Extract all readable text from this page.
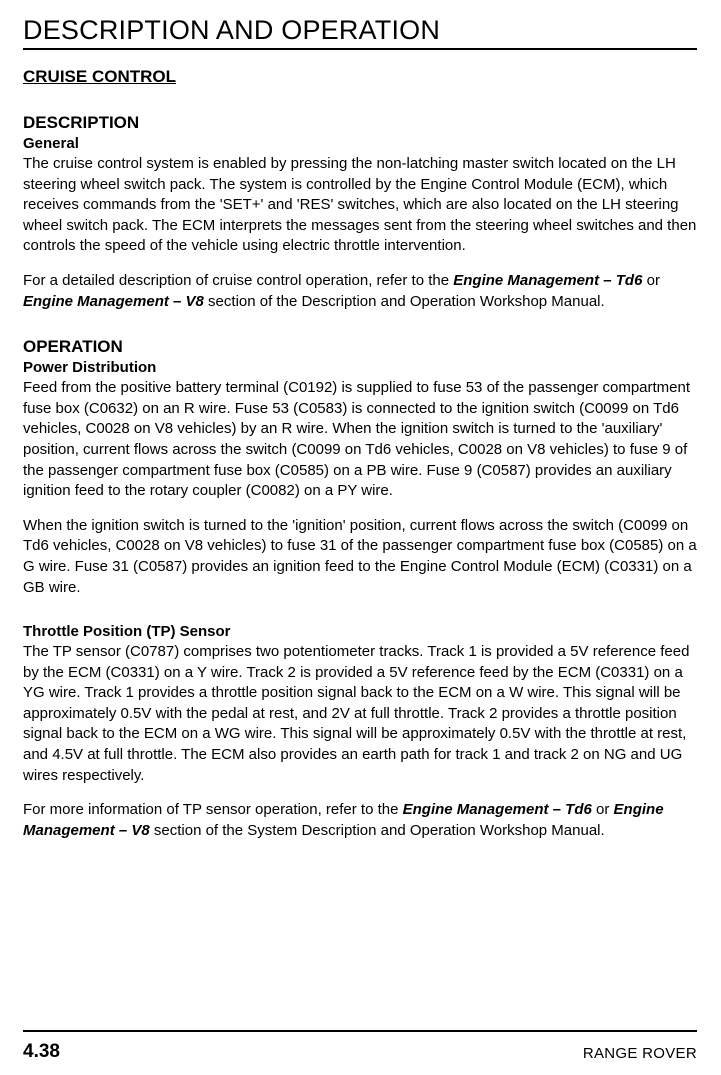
DESCRIPTION AND OPERATION
CRUISE CONTROL
DESCRIPTION
General

The cruise control system is enabled by pressing the non-latching master switch located on the LH steering wheel switch pack. The system is controlled by the Engine Control Module (ECM), which receives commands from the 'SET+' and 'RES' switches, which are also located on the LH steering wheel switch pack. The ECM interprets the messages sent from the steering wheel switches and then controls the speed of the vehicle using electric throttle intervention.

For a detailed description of cruise control operation, refer to the Engine Management – Td6 or Engine Management – V8 section of the Description and Operation Workshop Manual.

OPERATION
Power Distribution

Feed from the positive battery terminal (C0192) is supplied to fuse 53 of the passenger compartment fuse box (C0632) on an R wire. Fuse 53 (C0583) is connected to the ignition switch (C0099 on Td6 vehicles, C0028 on V8 vehicles) by an R wire. When the ignition switch is turned to the 'auxiliary' position, current flows across the switch (C0099 on Td6 vehicles, C0028 on V8 vehicles) to fuse 9 of the passenger compartment fuse box (C0585) on a PB wire. Fuse 9 (C0587) provides an auxiliary ignition feed to the rotary coupler (C0082) on a PY wire.

When the ignition switch is turned to the 'ignition' position, current flows across the switch (C0099 on Td6 vehicles, C0028 on V8 vehicles) to fuse 31 of the passenger compartment fuse box (C0585) on a G wire. Fuse 31 (C0587) provides an ignition feed to the Engine Control Module (ECM) (C0331) on a GB wire.

Throttle Position (TP) Sensor

The TP sensor (C0787) comprises two potentiometer tracks. Track 1 is provided a 5V reference feed by the ECM (C0331) on a Y wire. Track 2 is provided a 5V reference feed by the ECM (C0331) on a YG wire. Track 1 provides a throttle position signal back to the ECM on a W wire. This signal will be approximately 0.5V with the pedal at rest, and 2V at full throttle. Track 2 provides a throttle position signal back to the ECM on a WG wire. This signal will be approximately 0.5V with the throttle at rest, and 4.5V at full throttle. The ECM also provides an earth path for track 1 and track 2 on NG and UG wires respectively.

For more information of TP sensor operation, refer to the Engine Management – Td6 or Engine Management – V8 section of the System Description and Operation Workshop Manual.

4.38	RANGE ROVER
